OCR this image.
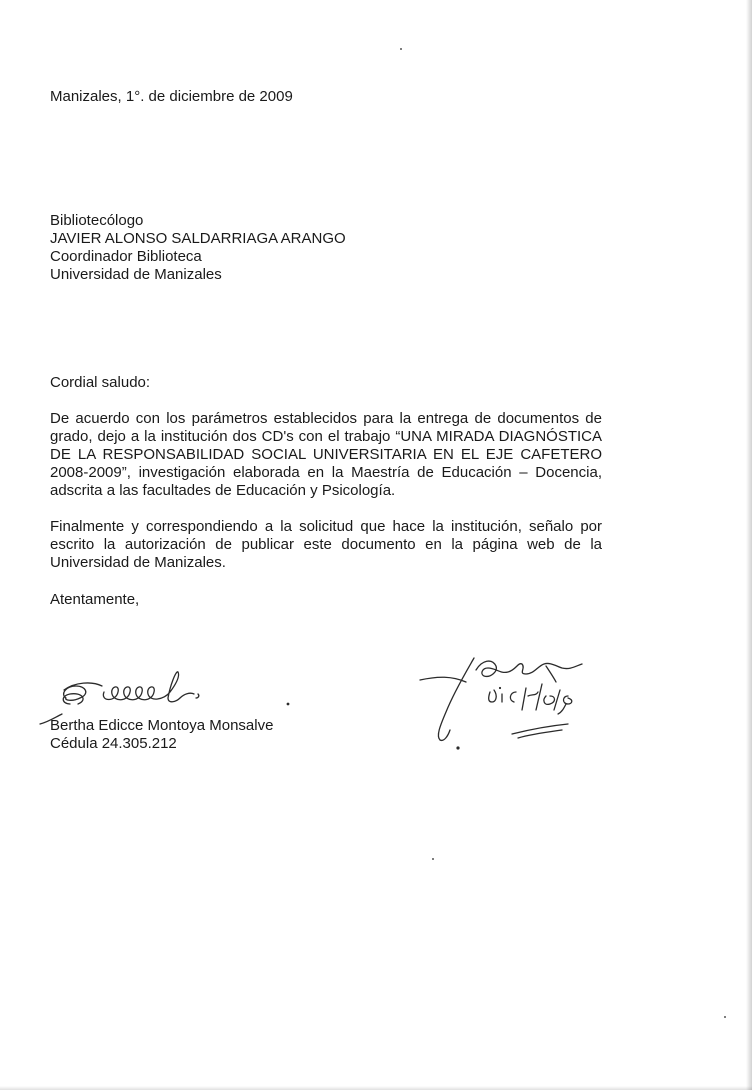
Manizales, 1°. de diciembre de 2009
Bibliotecólogo
JAVIER ALONSO SALDARRIAGA ARANGO
Coordinador Biblioteca
Universidad de Manizales
Cordial saludo:
De acuerdo con los parámetros establecidos para la entrega de documentos de grado, dejo a la institución dos CD's con el trabajo “UNA MIRADA DIAGNÓSTICA DE LA RESPONSABILIDAD SOCIAL UNIVERSITARIA EN EL EJE CAFETERO 2008-2009”, investigación elaborada en la Maestría de Educación – Docencia, adscrita a las facultades de Educación y Psicología.
Finalmente y correspondiendo a la solicitud que hace la institución, señalo por escrito la autorización de publicar este documento en la página web de la Universidad de Manizales.
Atentamente,
Bertha Edicce Montoya Monsalve
Cédula 24.305.212
